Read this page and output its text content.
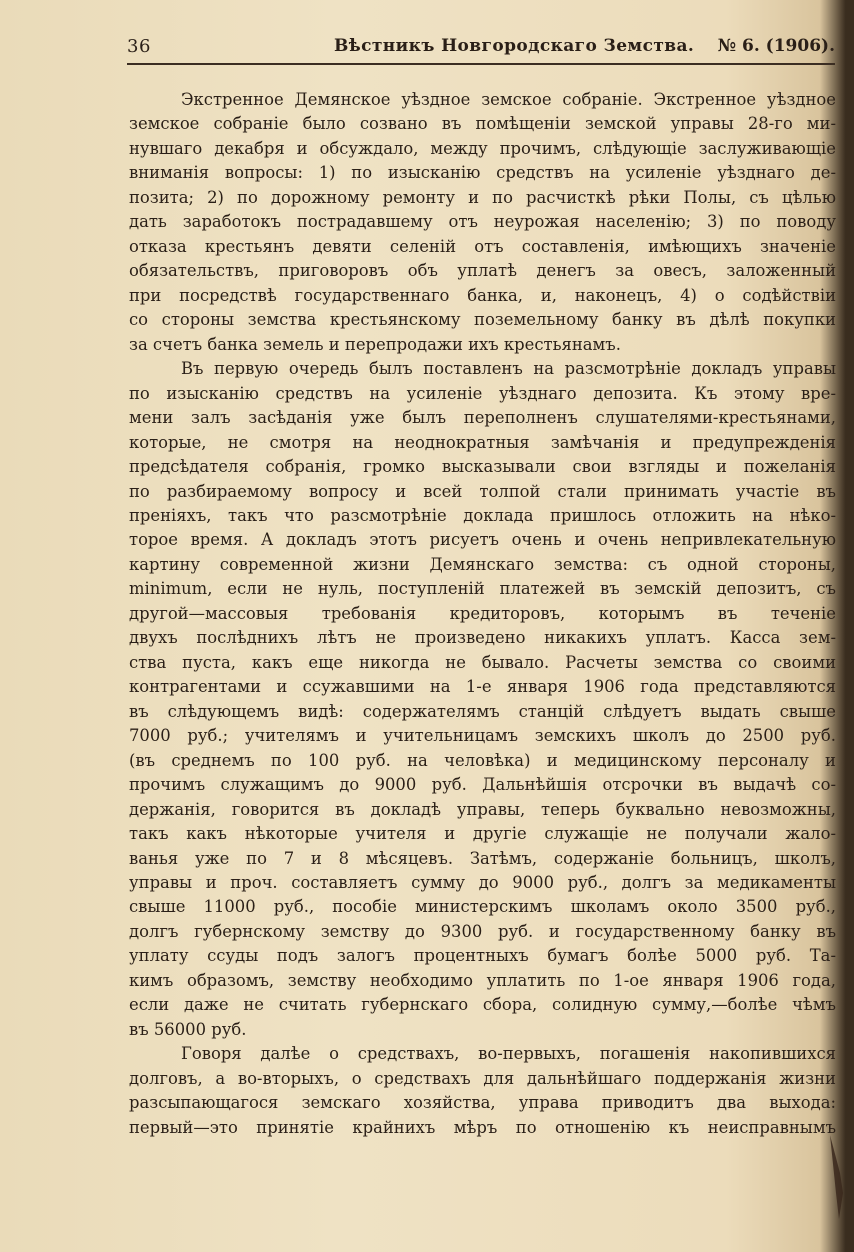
36	Вѣстникъ Новгородскаго Земства. № 6. (1906).
Экстренное Демянское уѣздное земское собраніе. Экстренное уѣздное
земское собраніе было созвано въ помѣщеніи земской управы 28-го ми-
нувшаго декабря и обсуждало, между прочимъ, слѣдующіе заслуживающіе
вниманія вопросы: 1) по изысканію средствъ на усиленіе уѣзднаго де-
позита; 2) по дорожному ремонту и по расчисткѣ рѣки Полы, съ цѣлью
дать заработокъ пострадавшему отъ неурожая населенію; 3) по поводу
отказа крестьянъ девяти селеній отъ составленія, имѣющихъ значеніе
обязательствъ, приговоровъ объ уплатѣ денегъ за овесъ, заложенный
при посредствѣ государственнаго банка, и, наконецъ, 4) о содѣйствіи
со стороны земства крестьянскому поземельному банку въ дѣлѣ покупки
за счетъ банка земель и перепродажи ихъ крестьянамъ.
Въ первую очередь былъ поставленъ на разсмотрѣніе докладъ управы
по изысканію средствъ на усиленіе уѣзднаго депозита. Къ этому вре-
мени залъ засѣданія уже былъ переполненъ слушателями-крестьянами,
которые, не смотря на неоднократныя замѣчанія и предупрежденія
предсѣдателя собранія, громко высказывали свои взгляды и пожеланія
по разбираемому вопросу и всей толпой стали принимать участіе въ
преніяхъ, такъ что разсмотрѣніе доклада пришлось отложить на нѣко-
торое время. А докладъ этотъ рисуетъ очень и очень непривлекательную
картину современной жизни Демянскаго земства: съ одной стороны,
minimum, если не нуль, поступленій платежей въ земскій депозитъ, съ
другой—массовыя требованія кредиторовъ, которымъ въ теченіе
двухъ послѣднихъ лѣтъ не произведено никакихъ уплатъ. Касса зем-
ства пуста, какъ еще никогда не бывало. Расчеты земства со своими
контрагентами и ссужавшими на 1-е января 1906 года представляются
въ слѣдующемъ видѣ: содержателямъ станцій слѣдуетъ выдать свыше
7000 руб.; учителямъ и учительницамъ земскихъ школъ до 2500 руб.
(въ среднемъ по 100 руб. на человѣка) и медицинскому персоналу и
прочимъ служащимъ до 9000 руб. Дальнѣйшія отсрочки въ выдачѣ со-
держанія, говорится въ докладѣ управы, теперь буквально невозможны,
такъ какъ нѣкоторые учителя и другіе служащіе не получали жало-
ванья уже по 7 и 8 мѣсяцевъ. Затѣмъ, содержаніе больницъ, школъ,
управы и проч. составляетъ сумму до 9000 руб., долгъ за медикаменты
свыше 11000 руб., пособіе министерскимъ школамъ около 3500 руб.,
долгъ губернскому земству до 9300 руб. и государственному банку въ
уплату ссуды подъ залогъ процентныхъ бумагъ болѣе 5000 руб. Та-
кимъ образомъ, земству необходимо уплатить по 1-ое января 1906 года,
если даже не считать губернскаго сбора, солидную сумму,—болѣе чѣмъ
въ 56000 руб.
Говоря далѣе о средствахъ, во-первыхъ, погашенія накопившихся
долговъ, а во-вторыхъ, о средствахъ для дальнѣйшаго поддержанія жизни
разсыпающагося земскаго хозяйства, управа приводитъ два выхода:
первый—это принятіе крайнихъ мѣръ по отношенію къ неисправнымъ
